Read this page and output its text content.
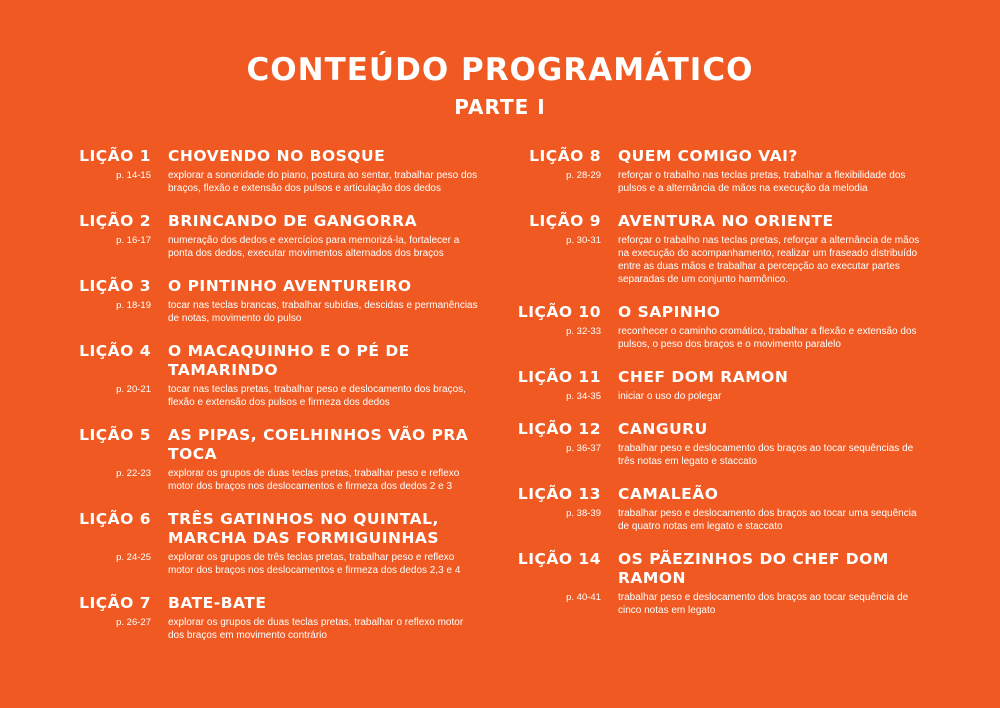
CONTEÚDO PROGRAMÁTICO
PARTE I
LIÇÃO 1 CHOVENDO NO BOSQUE
p. 14-15 explorar a sonoridade do piano, postura ao sentar, trabalhar peso dos braços, flexão e extensão dos pulsos e articulação dos dedos
LIÇÃO 2 BRINCANDO DE GANGORRA
p. 16-17 numeração dos dedos e exercícios para memorizá-la, fortalecer a ponta dos dedos, executar movimentos alternados dos braços
LIÇÃO 3 O PINTINHO AVENTUREIRO
p. 18-19 tocar nas teclas brancas, trabalhar subidas, descidas e permanências de notas, movimento do pulso
LIÇÃO 4 O MACAQUINHO E O PÉ DE TAMARINDO
p. 20-21 tocar nas teclas pretas, trabalhar peso e deslocamento dos braços, flexão e extensão dos pulsos e firmeza dos dedos
LIÇÃO 5 AS PIPAS, COELHINHOS VÃO PRA TOCA
p. 22-23 explorar os grupos de duas teclas pretas, trabalhar peso e reflexo motor dos braços nos deslocamentos e firmeza dos dedos 2 e 3
LIÇÃO 6 TRÊS GATINHOS NO QUINTAL, MARCHA DAS FORMIGUINHAS
p. 24-25 explorar os grupos de três teclas pretas, trabalhar peso e reflexo motor dos braços nos deslocamentos e firmeza dos dedos 2,3 e 4
LIÇÃO 7 BATE-BATE
p. 26-27 explorar os grupos de duas teclas pretas, trabalhar o reflexo motor dos braços em movimento contrário
LIÇÃO 8 QUEM COMIGO VAI?
p. 28-29 reforçar o trabalho nas teclas pretas, trabalhar a flexibilidade dos pulsos e a alternância de mãos na execução da melodia
LIÇÃO 9 AVENTURA NO ORIENTE
p. 30-31 reforçar o trabalho nas teclas pretas, reforçar a alternância de mãos na execução do acompanhamento, realizar um fraseado distribuído entre as duas mãos e trabalhar a percepção ao executar partes separadas de um conjunto harmônico.
LIÇÃO 10 O SAPINHO
p. 32-33 reconhecer o caminho cromático, trabalhar a flexão e extensão dos pulsos, o peso dos braços e o movimento paralelo
LIÇÃO 11 CHEF DOM RAMON
p. 34-35 iniciar o uso do polegar
LIÇÃO 12 CANGURU
p. 36-37 trabalhar peso e deslocamento dos braços ao tocar sequências de três notas em legato e staccato
LIÇÃO 13 CAMALEÃO
p. 38-39 trabalhar peso e deslocamento dos braços ao tocar uma sequência de quatro notas em legato e staccato
LIÇÃO 14 OS PÃEZINHOS DO CHEF DOM RAMON
p. 40-41 trabalhar peso e deslocamento dos braços ao tocar sequência de cinco notas em legato
